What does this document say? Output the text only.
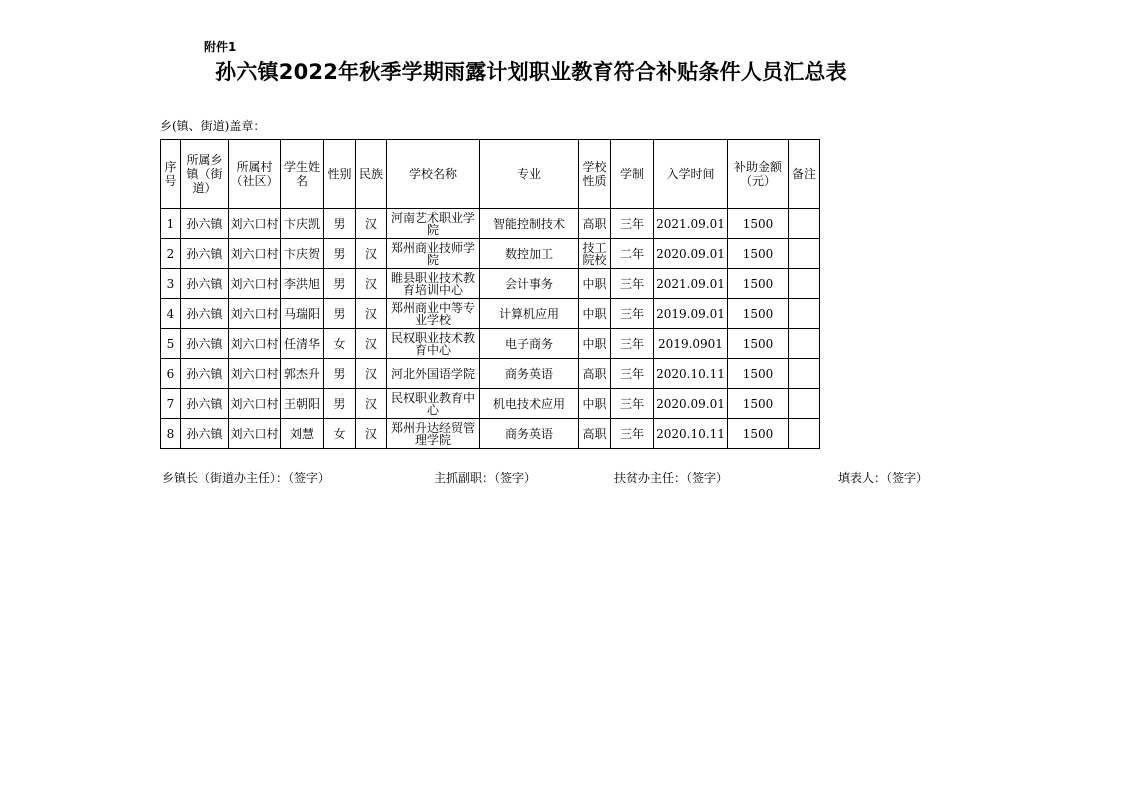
附件1
孙六镇2022年秋季学期雨露计划职业教育符合补贴条件人员汇总表
乡(镇、街道)盖章：
序号	所属乡镇（街道）	所属村（社区）	学生姓名	性别	民族	学校名称	专业	学校性质	学制	入学时间	补助金额（元）	备注
1	孙六镇	刘六口村	卞庆凯	男	汉	河南艺术职业学院	智能控制技术	高职	三年	2021.09.01	1500	
2	孙六镇	刘六口村	卞庆贺	男	汉	郑州商业技师学院	数控加工	技工院校	二年	2020.09.01	1500	
3	孙六镇	刘六口村	李洪旭	男	汉	睢县职业技术教育培训中心	会计事务	中职	三年	2021.09.01	1500	
4	孙六镇	刘六口村	马瑞阳	男	汉	郑州商业中等专业学校	计算机应用	中职	三年	2019.09.01	1500	
5	孙六镇	刘六口村	任清华	女	汉	民权职业技术教育中心	电子商务	中职	三年	2019.0901	1500	
6	孙六镇	刘六口村	郭杰升	男	汉	河北外国语学院	商务英语	高职	三年	2020.10.11	1500	
7	孙六镇	刘六口村	王朝阳	男	汉	民权职业教育中心	机电技术应用	中职	三年	2020.09.01	1500	
8	孙六镇	刘六口村	刘慧	女	汉	郑州升达经贸管理学院	商务英语	高职	三年	2020.10.11	1500	
乡镇长（街道办主任）：（签字）	主抓副职：（签字）	扶贫办主任：（签字）	填表人：（签字）
